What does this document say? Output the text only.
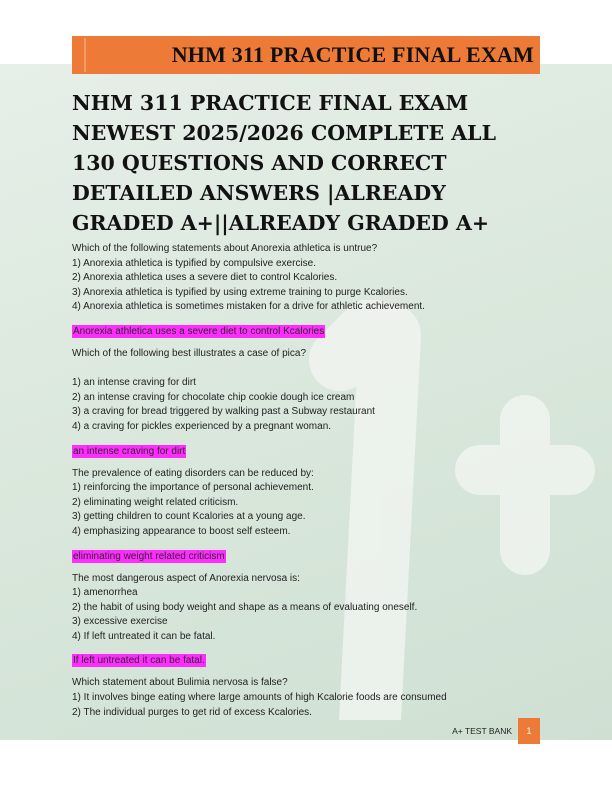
NHM 311 PRACTICE FINAL EXAM
NHM 311 PRACTICE FINAL EXAM NEWEST 2025/2026 COMPLETE ALL 130 QUESTIONS AND CORRECT DETAILED ANSWERS |ALREADY GRADED A+||ALREADY GRADED A+

Which of the following statements about Anorexia athletica is untrue?

1) Anorexia athletica is typified by compulsive exercise.

2) Anorexia athletica uses a severe diet to control Kcalories.

3) Anorexia athletica is typified by using extreme training to purge Kcalories.

4) Anorexia athletica is sometimes mistaken for a drive for athletic achievement.

Anorexia athletica uses a severe diet to control Kcalories

Which of the following best illustrates a case of pica?

1) an intense craving for dirt

2) an intense craving for chocolate chip cookie dough ice cream

3) a craving for bread triggered by walking past a Subway restaurant

4) a craving for pickles experienced by a pregnant woman.

an intense craving for dirt

The prevalence of eating disorders can be reduced by:

1) reinforcing the importance of personal achievement.

2) eliminating weight related criticism.

3) getting children to count Kcalories at a young age.

4) emphasizing appearance to boost self esteem.

eliminating weight related criticism

The most dangerous aspect of Anorexia nervosa is:

1) amenorrhea

2) the habit of using body weight and shape as a means of evaluating oneself.

3) excessive exercise

4) If left untreated it can be fatal.

If left untreated it can be fatal.

Which statement about Bulimia nervosa is false?

1) It involves binge eating where large amounts of high Kcalorie foods are consumed

2) The individual purges to get rid of excess Kcalories.

A+ TEST BANK	1
